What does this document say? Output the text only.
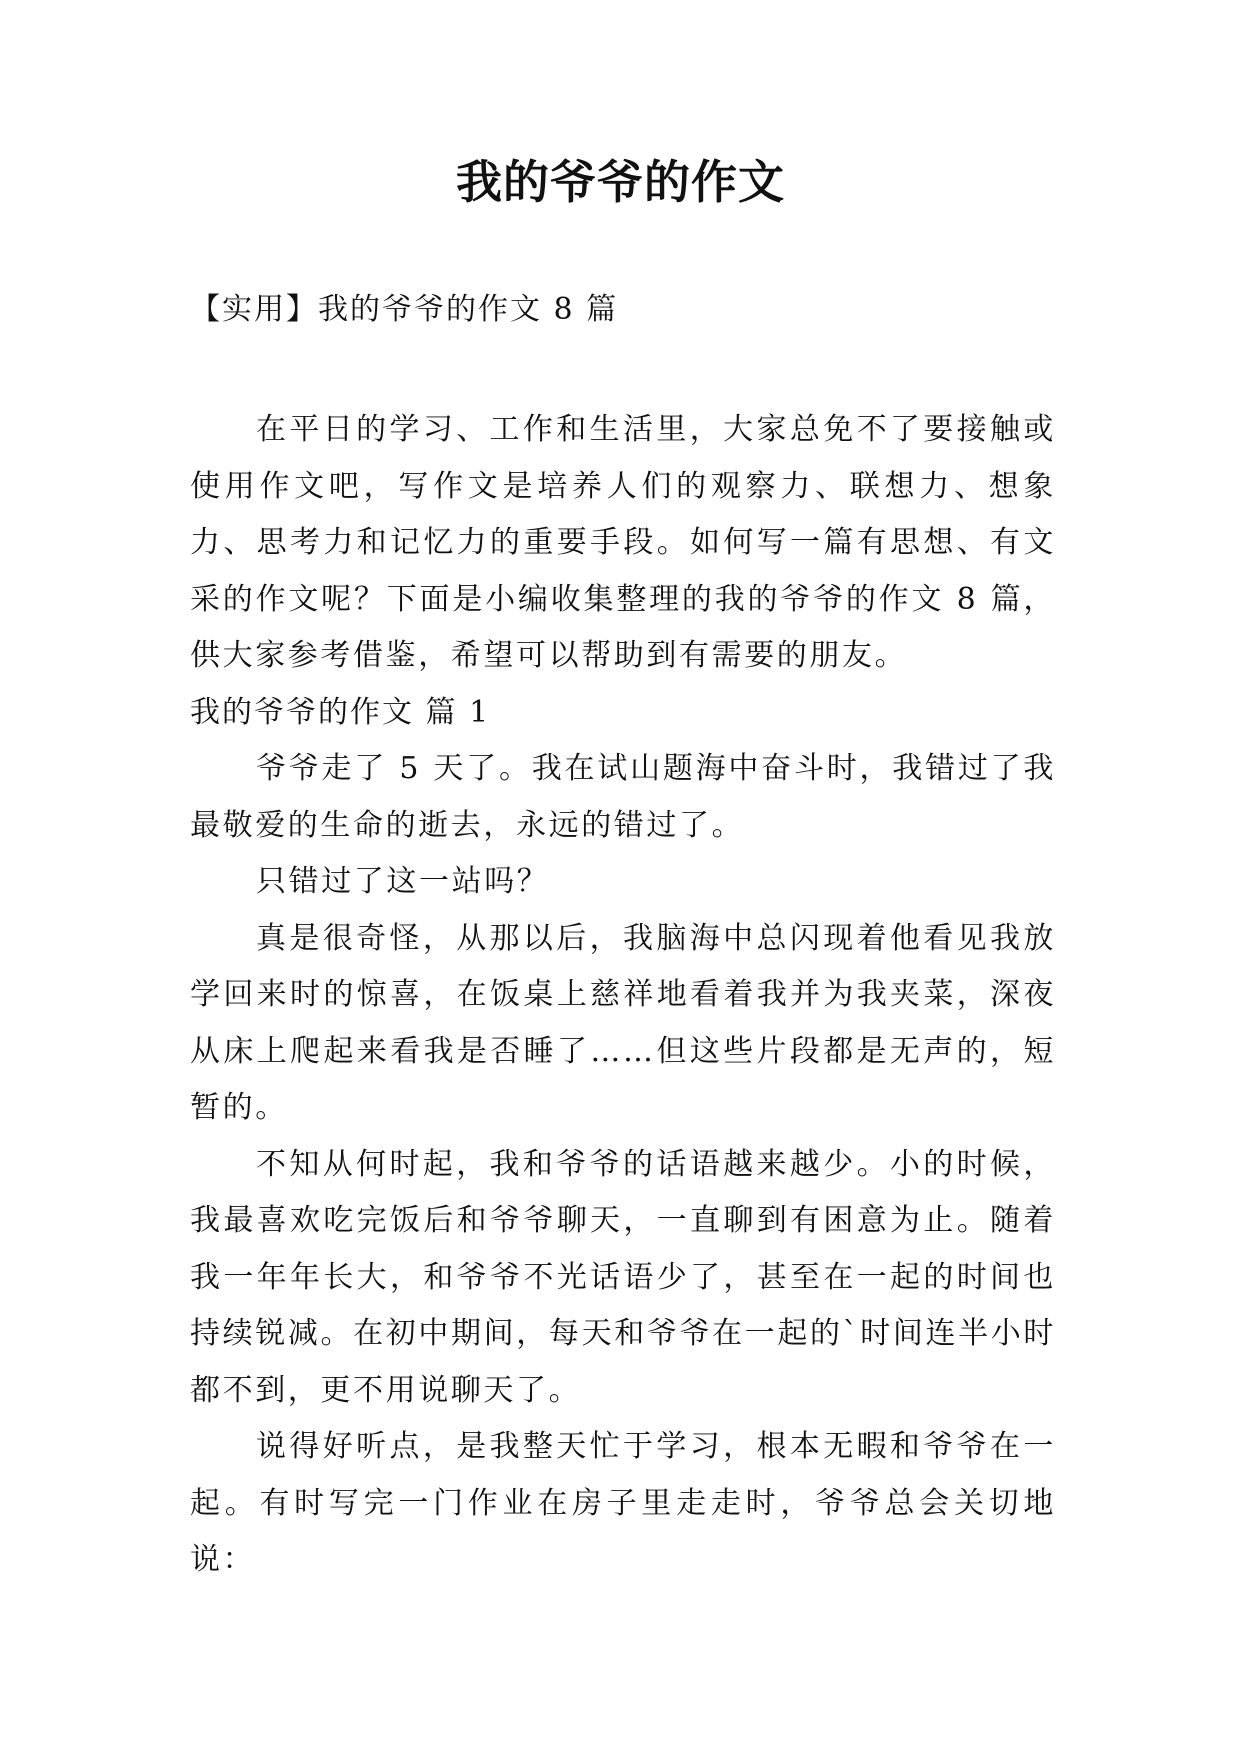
我的爷爷的作文
【实用】我的爷爷的作文 8 篇

在平日的学习、工作和生活里，大家总免不了要接触或使用作文吧，写作文是培养人们的观察力、联想力、想象力、思考力和记忆力的重要手段。如何写一篇有思想、有文采的作文呢？下面是小编收集整理的我的爷爷的作文 8 篇，供大家参考借鉴，希望可以帮助到有需要的朋友。

我的爷爷的作文 篇 1

爷爷走了 5 天了。我在试山题海中奋斗时，我错过了我最敬爱的生命的逝去，永远的错过了。

只错过了这一站吗？

真是很奇怪，从那以后，我脑海中总闪现着他看见我放学回来时的惊喜，在饭桌上慈祥地看着我并为我夹菜，深夜从床上爬起来看我是否睡了……但这些片段都是无声的，短暂的。

不知从何时起，我和爷爷的话语越来越少。小的时候，我最喜欢吃完饭后和爷爷聊天，一直聊到有困意为止。随着我一年年长大，和爷爷不光话语少了，甚至在一起的时间也持续锐减。在初中期间，每天和爷爷在一起的`时间连半小时都不到，更不用说聊天了。

说得好听点，是我整天忙于学习，根本无暇和爷爷在一起。有时写完一门作业在房子里走走时，爷爷总会关切地说：
